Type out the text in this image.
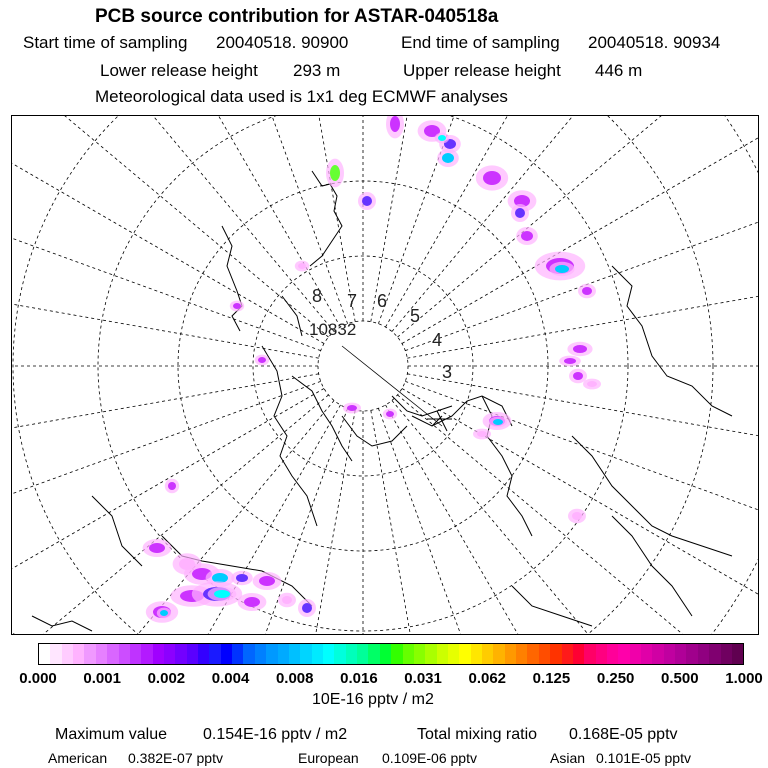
PCB source contribution for ASTAR-040518a
Start time of sampling 20040518. 90900	End time of sampling 20040518. 90934
Lower release height 293 m	Upper release height 446 m
Meteorological data used is 1x1 deg ECMWF analyses
8 7 6
5
4
3
10832
0.000 0.001 0.002 0.004 0.008 0.016 0.031 0.062 0.125 0.250 0.500 1.000
10E-16 pptv / m2
Maximum value 0.154E-16 pptv / m2	Total mixing ratio 0.168E-05 pptv
American 0.382E-07 pptv	European 0.109E-06 pptv	Asian 0.101E-05 pptv
